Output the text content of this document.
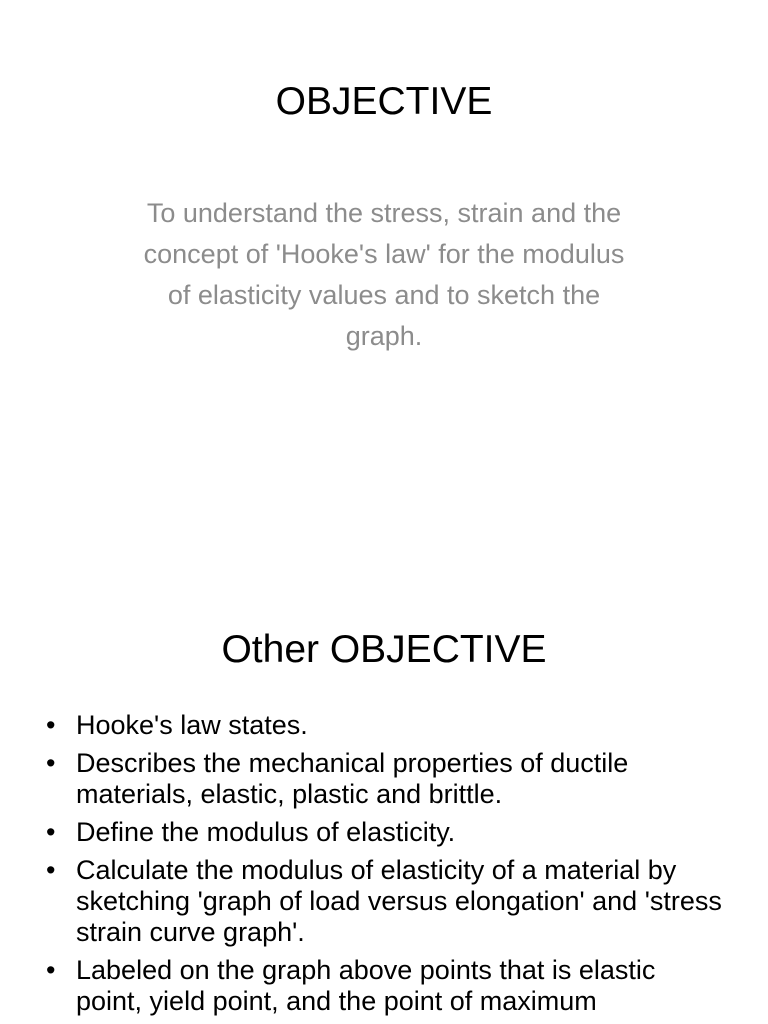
OBJECTIVE

To understand the stress, strain and the concept of 'Hooke's law' for the modulus of elasticity values and to sketch the graph.

Other OBJECTIVE
• Hooke's law states.
• Describes the mechanical properties of ductile materials, elastic, plastic and brittle.
• Define the modulus of elasticity.
• Calculate the modulus of elasticity of a material by sketching 'graph of load versus elongation' and 'stress strain curve graph'.
• Labeled on the graph above points that is elastic point, yield point, and the point of maximum
